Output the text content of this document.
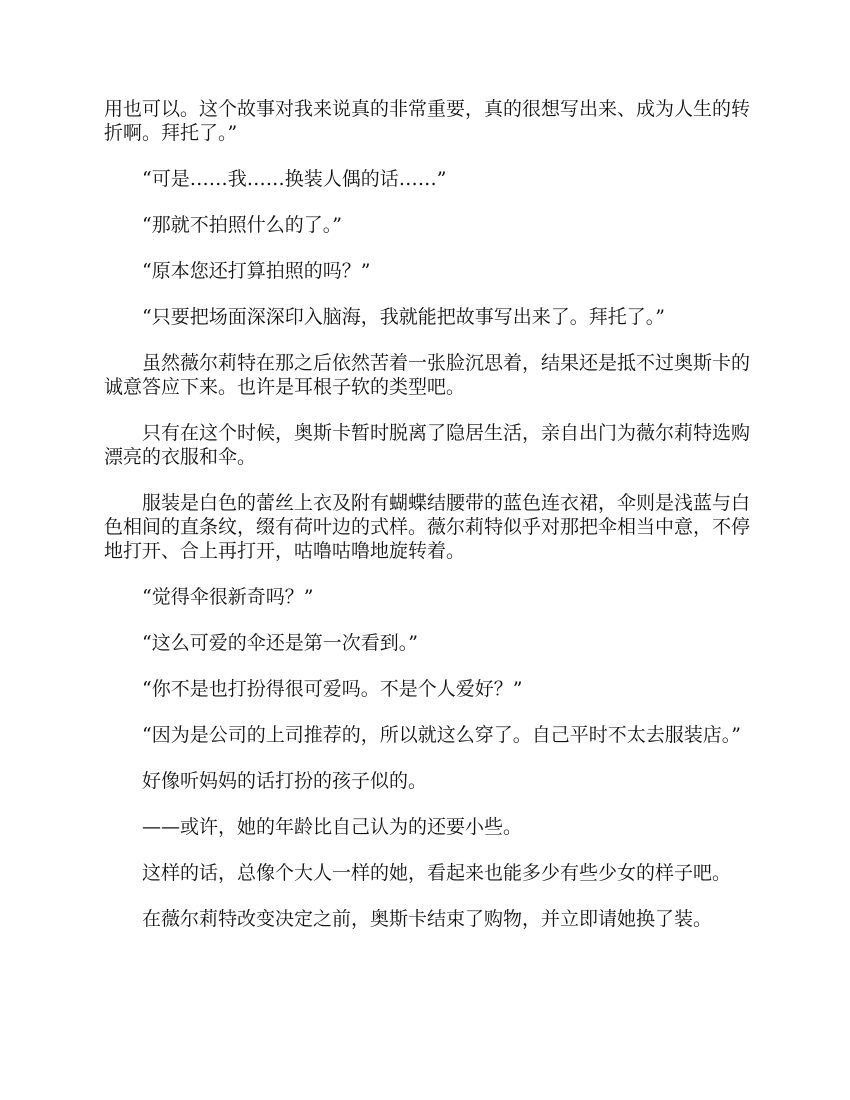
用也可以。这个故事对我来说真的非常重要，真的很想写出来、成为人生的转折啊。拜托了。”

“可是……我……换装人偶的话……”

“那就不拍照什么的了。”

“原本您还打算拍照的吗？”

“只要把场面深深印入脑海，我就能把故事写出来了。拜托了。”

虽然薇尔莉特在那之后依然苦着一张脸沉思着，结果还是抵不过奥斯卡的诚意答应下来。也许是耳根子软的类型吧。

只有在这个时候，奥斯卡暂时脱离了隐居生活，亲自出门为薇尔莉特选购漂亮的衣服和伞。

服装是白色的蕾丝上衣及附有蝴蝶结腰带的蓝色连衣裙，伞则是浅蓝与白色相间的直条纹，缀有荷叶边的式样。薇尔莉特似乎对那把伞相当中意，不停地打开、合上再打开，咕噜咕噜地旋转着。

“觉得伞很新奇吗？”

“这么可爱的伞还是第一次看到。”

“你不是也打扮得很可爱吗。不是个人爱好？”

“因为是公司的上司推荐的，所以就这么穿了。自己平时不太去服装店。”

好像听妈妈的话打扮的孩子似的。

——或许，她的年龄比自己认为的还要小些。

这样的话，总像个大人一样的她，看起来也能多少有些少女的样子吧。

在薇尔莉特改变决定之前，奥斯卡结束了购物，并立即请她换了装。
